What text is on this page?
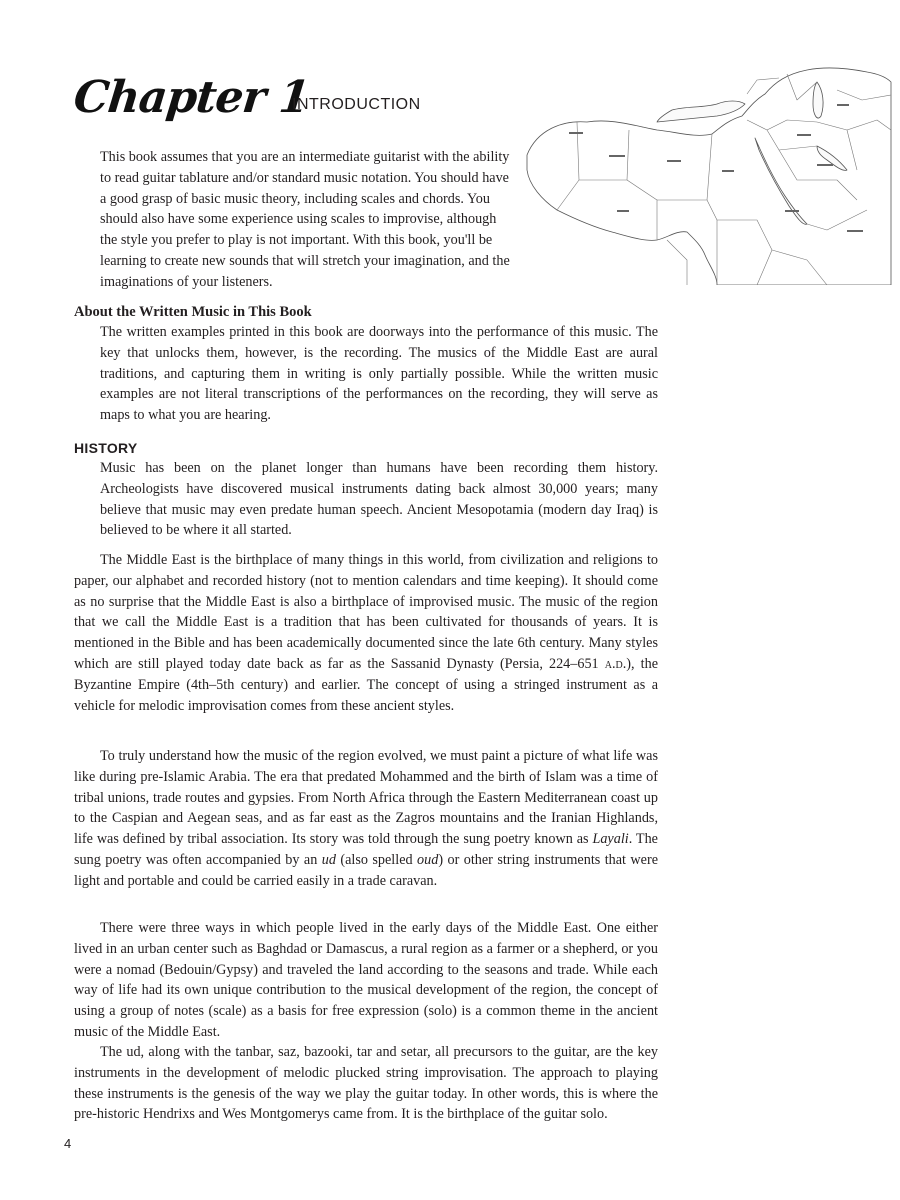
Chapter 1
INTRODUCTION

This book assumes that you are an intermediate guitarist with the ability to read guitar tablature and/or standard music notation. You should have a good grasp of basic music theory, including scales and chords. You should also have some experience using scales to improvise, although the style you prefer to play is not important. With this book, you'll be learning to create new sounds that will stretch your imagination, and the imaginations of your listeners.

About the Written Music in This Book

The written examples printed in this book are doorways into the performance of this music. The key that unlocks them, however, is the recording. The musics of the Middle East are aural traditions, and capturing them in writing is only partially possible. While the written music examples are not literal transcriptions of the performances on the recording, they will serve as maps to what you are hearing.

HISTORY

Music has been on the planet longer than humans have been recording them history. Archeologists have discovered musical instruments dating back almost 30,000 years; many believe that music may even predate human speech. Ancient Mesopotamia (modern day Iraq) is believed to be where it all started.

The Middle East is the birthplace of many things in this world, from civilization and religions to paper, our alphabet and recorded history (not to mention calendars and time keeping). It should come as no surprise that the Middle East is also a birthplace of improvised music. The music of the region that we call the Middle East is a tradition that has been cultivated for thousands of years. It is mentioned in the Bible and has been academically documented since the late 6th century. Many styles which are still played today date back as far as the Sassanid Dynasty (Persia, 224–651 a.d.), the Byzantine Empire (4th–5th century) and earlier. The concept of using a stringed instrument as a vehicle for melodic improvisation comes from these ancient styles.

To truly understand how the music of the region evolved, we must paint a picture of what life was like during pre-Islamic Arabia. The era that predated Mohammed and the birth of Islam was a time of tribal unions, trade routes and gypsies. From North Africa through the Eastern Mediterranean coast up to the Caspian and Aegean seas, and as far east as the Zagros mountains and the Iranian Highlands, life was defined by tribal association. Its story was told through the sung poetry known as Layali. The sung poetry was often accompanied by an ud (also spelled oud) or other string instruments that were light and portable and could be carried easily in a trade caravan.

There were three ways in which people lived in the early days of the Middle East. One either lived in an urban center such as Baghdad or Damascus, a rural region as a farmer or a shepherd, or you were a nomad (Bedouin/Gypsy) and traveled the land according to the seasons and trade. While each way of life had its own unique contribution to the musical development of the region, the concept of using a group of notes (scale) as a basis for free expression (solo) is a common theme in the ancient music of the Middle East.

The ud, along with the tanbar, saz, bazooki, tar and setar, all precursors to the guitar, are the key instruments in the development of melodic plucked string improvisation. The approach to playing these instruments is the genesis of the way we play the guitar today. In other words, this is where the pre-historic Hendrixs and Wes Montgomerys came from. It is the birthplace of the guitar solo.

4
